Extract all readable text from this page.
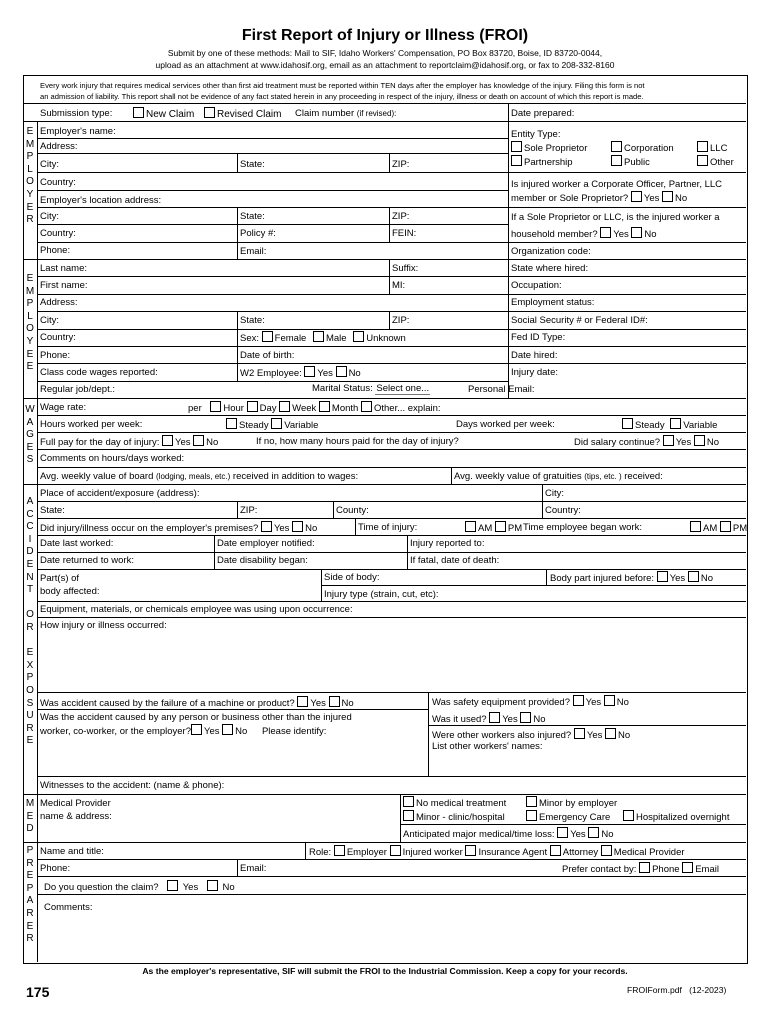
First Report of Injury or Illness (FROI)
Submit by one of these methods: Mail to SIF, Idaho Workers' Compensation, PO Box 83720, Boise, ID 83720-0044,
upload as an attachment at www.idahosif.org, email as an attachment to reportclaim@idahosif.org, or fax to 208-332-8160
Every work injury that requires medical services other than first aid treatment must be reported within TEN days after the employer has knowledge of the injury. Filing this form is not
an admission of liability. This report shall not be evidence of any fact stated herein in any proceeding in respect of the injury, illness or death on account of which this report is made.
E
M
P
L
O
Y
E
R
E
M
P
L
O
Y
E
E
W
A
G
E
S
A
C
C
I
D
E
N
T

O
R

E
X
P
O
S
U
R
E
M
E
D
P
R
E
P
A
R
E
R
Submission type:	New Claim	Revised Claim Claim number (if revised):	Date prepared:
Employer's name:
Address:
City:	State:	ZIP:
Country:
Employer's location address:
City:	State:	ZIP:
Country:	Policy #:	FEIN:
Phone:	Email:
Entity Type:
Sole Proprietor	Corporation	LLC
Partnership	Public	Other
Is injured worker a Corporate Officer, Partner, LLC
member or Sole Proprietor? Yes No
If a Sole Proprietor or LLC, is the injured worker a
household member? Yes No
Organization code:
Last name:	Suffix:
First name:	MI:
Address:
City:	State:	ZIP:
Country:	Sex: Female Male Unknown
Phone:	Date of birth:
Class code wages reported:	W2 Employee: Yes No
Regular job/dept.:	Marital Status: Select one...	Personal Email:
State where hired:
Occupation:
Employment status:
Social Security # or Federal ID#:
Fed ID Type:
Date hired:
Injury date:
Wage rate:	per Hour Day Week Month Other... explain:
Hours worked per week:	Steady Variable	Days worked per week:	Steady Variable
Full pay for the day of injury: Yes No	If no, how many hours paid for the day of injury?	Did salary continue? Yes No
Comments on hours/days worked:
Avg. weekly value of board (lodging, meals, etc.) received in addition to wages:	Avg. weekly value of gratuities (tips, etc. ) received:
Place of accident/exposure (address):	City:
State:	ZIP:	County:	Country:
Did injury/illness occur on the employer's premises? Yes No	Time of injury:	AM PM Time employee began work:	AM PM
Date last worked:	Date employer notified:	Injury reported to:
Date returned to work:	Date disability began:	If fatal, date of death:
Part(s) of
body affected:
Side of body:	Body part injured before: Yes No
Injury type (strain, cut, etc):
Equipment, materials, or chemicals employee was using upon occurrence:
How injury or illness occurred:
Was accident caused by the failure of a machine or product? Yes No
Was the accident caused by any person or business other than the injured
worker, co-worker, or the employer? Yes No Please identify:
Was safety equipment provided? Yes No
Was it used? Yes No
Were other workers also injured? Yes No
List other workers' names:
Witnesses to the accident: (name & phone):
Medical Provider
name & address:
No medical treatment	Minor by employer
Minor - clinic/hospital	Emergency Care	Hospitalized overnight
Anticipated major medical/time loss: Yes No
Name and title:	Role: Employer Injured worker Insurance Agent Attorney Medical Provider
Phone:	Email:	Prefer contact by: Phone Email
Do you question the claim?	Yes	No
Comments:
As the employer's representative, SIF will submit the FROI to the Industrial Commission. Keep a copy for your records.
175	FROIForm.pdf (12-2023)
